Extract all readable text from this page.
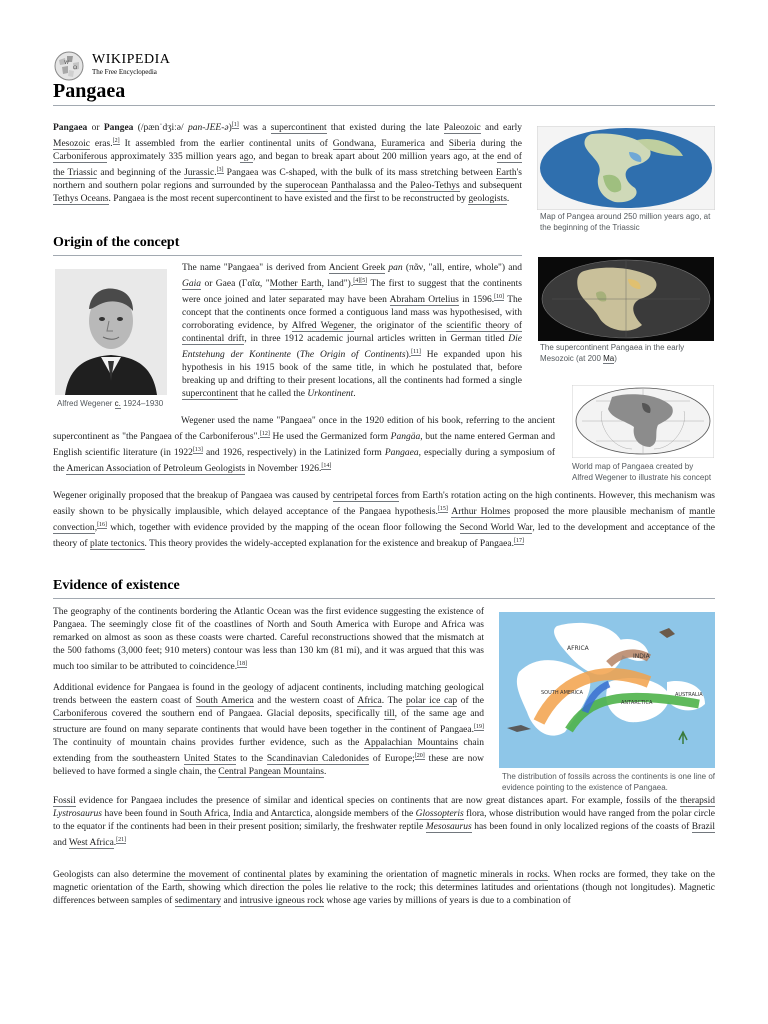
W
Ω
WIKIPEDIA
The Free Encyclopedia
Pangaea

Pangaea or Pangea (/pænˈdʒiːə/ pan-JEE-ə)[1] was a supercontinent that existed during the late Paleozoic and early Mesozoic eras.[2] It assembled from the earlier continental units of Gondwana, Euramerica and Siberia during the Carboniferous approximately 335 million years ago, and began to break apart about 200 million years ago, at the end of the Triassic and beginning of the Jurassic.[3] Pangaea was C-shaped, with the bulk of its mass stretching between Earth's northern and southern polar regions and surrounded by the superocean Panthalassa and the Paleo-Tethys and subsequent Tethys Oceans. Pangaea is the most recent supercontinent to have existed and the first to be reconstructed by geologists.

Map of Pangea around 250 million years ago, at the beginning of the Triassic
Origin of the concept
Alfred Wegener c. 1924–1930

The name "Pangaea" is derived from Ancient Greek pan (πᾶν, "all, entire, whole") and Gaia or Gaea (Γαῖα, "Mother Earth, land").[4][5] The first to suggest that the continents were once joined and later separated may have been Abraham Ortelius in 1596.[10] The concept that the continents once formed a contiguous land mass was hypothesised, with corroborating evidence, by Alfred Wegener, the originator of the scientific theory of continental drift, in three 1912 academic journal articles written in German titled Die Entstehung der Kontinente (The Origin of Continents).[11] He expanded upon his hypothesis in his 1915 book of the same title, in which he postulated that, before breaking up and drifting to their present locations, all the continents had formed a single supercontinent that he called the Urkontinent.

The supercontinent Pangaea in the early Mesozoic (at 200 Ma)
World map of Pangaea created by Alfred Wegener to illustrate his concept

Wegener used the name "Pangaea" once in the 1920 edition of his book, referring to the ancient supercontinent as "the Pangaea of the Carboniferous".[12] He used the Germanized form Pangäa, but the name entered German and English scientific literature (in 1922[13] and 1926, respectively) in the Latinized form Pangaea, especially during a symposium of the American Association of Petroleum Geologists in November 1926.[14]

Wegener originally proposed that the breakup of Pangaea was caused by centripetal forces from Earth's rotation acting on the high continents. However, this mechanism was easily shown to be physically implausible, which delayed acceptance of the Pangaea hypothesis.[15] Arthur Holmes proposed the more plausible mechanism of mantle convection,[16] which, together with evidence provided by the mapping of the ocean floor following the Second World War, led to the development and acceptance of the theory of plate tectonics. This theory provides the widely-accepted explanation for the existence and breakup of Pangaea.[17]

Evidence of existence

The geography of the continents bordering the Atlantic Ocean was the first evidence suggesting the existence of Pangaea. The seemingly close fit of the coastlines of North and South America with Europe and Africa was remarked on almost as soon as these coasts were charted. Careful reconstructions showed that the mismatch at the 500 fathoms (3,000 feet; 910 meters) contour was less than 130 km (81 mi), and it was argued that this was much too similar to be attributed to coincidence.[18]

AFRICA
INDIA
SOUTH AMERICA
ANTARCTICA
AUSTRALIA
The distribution of fossils across the continents is one line of evidence pointing to the existence of Pangaea.

Additional evidence for Pangaea is found in the geology of adjacent continents, including matching geological trends between the eastern coast of South America and the western coast of Africa. The polar ice cap of the Carboniferous covered the southern end of Pangaea. Glacial deposits, specifically till, of the same age and structure are found on many separate continents that would have been together in the continent of Pangaea.[19] The continuity of mountain chains provides further evidence, such as the Appalachian Mountains chain extending from the southeastern United States to the Scandinavian Caledonides of Europe;[20] these are now believed to have formed a single chain, the Central Pangean Mountains.

Fossil evidence for Pangaea includes the presence of similar and identical species on continents that are now great distances apart. For example, fossils of the therapsid Lystrosaurus have been found in South Africa, India and Antarctica, alongside members of the Glossopteris flora, whose distribution would have ranged from the polar circle to the equator if the continents had been in their present position; similarly, the freshwater reptile Mesosaurus has been found in only localized regions of the coasts of Brazil and West Africa.[21]

Geologists can also determine the movement of continental plates by examining the orientation of magnetic minerals in rocks. When rocks are formed, they take on the magnetic orientation of the Earth, showing which direction the poles lie relative to the rock; this determines latitudes and orientations (though not longitudes). Magnetic differences between samples of sedimentary and intrusive igneous rock whose age varies by millions of years is due to a combination of
